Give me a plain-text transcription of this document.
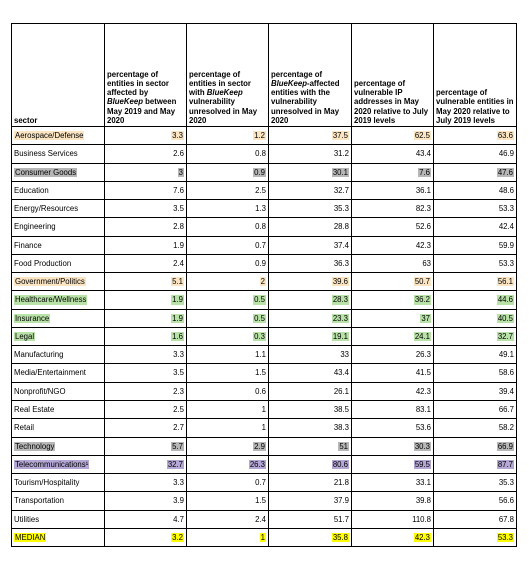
sector	percentage of entities in sector affected by BlueKeep between May 2019 and May 2020	percentage of entities in sector with BlueKeep vulnerability unresolved in May 2020	percentage of BlueKeep-affected entities with the vulnerability unresolved in May 2020	percentage of vulnerable IP addresses in May 2020 relative to July 2019 levels	percentage of vulnerable entities in May 2020 relative to July 2019 levels
Aerospace/Defense	3.3	1.2	37.5	62.5	63.6
Business Services	2.6	0.8	31.2	43.4	46.9
Consumer Goods	3	0.9	30.1	7.6	47.6
Education	7.6	2.5	32.7	36.1	48.6
Energy/Resources	3.5	1.3	35.3	82.3	53.3
Engineering	2.8	0.8	28.8	52.6	42.4
Finance	1.9	0.7	37.4	42.3	59.9
Food Production	2.4	0.9	36.3	63	53.3
Government/Politics	5.1	2	39.6	50.7	56.1
Healthcare/Wellness	1.9	0.5	28.3	36.2	44.6
Insurance	1.9	0.5	23.3	37	40.5
Legal	1.6	0.3	19.1	24.1	32.7
Manufacturing	3.3	1.1	33	26.3	49.1
Media/Entertainment	3.5	1.5	43.4	41.5	58.6
Nonprofit/NGO	2.3	0.6	26.1	42.3	39.4
Real Estate	2.5	1	38.5	83.1	66.7
Retail	2.7	1	38.3	53.6	58.2
Technology	5.7	2.9	51	30.3	66.9
Telecommunications¹	32.7	26.3	80.6	59.5	87.7
Tourism/Hospitality	3.3	0.7	21.8	33.1	35.3
Transportation	3.9	1.5	37.9	39.8	56.6
Utilities	4.7	2.4	51.7	110.8	67.8
MEDIAN	3.2	1	35.8	42.3	53.3
